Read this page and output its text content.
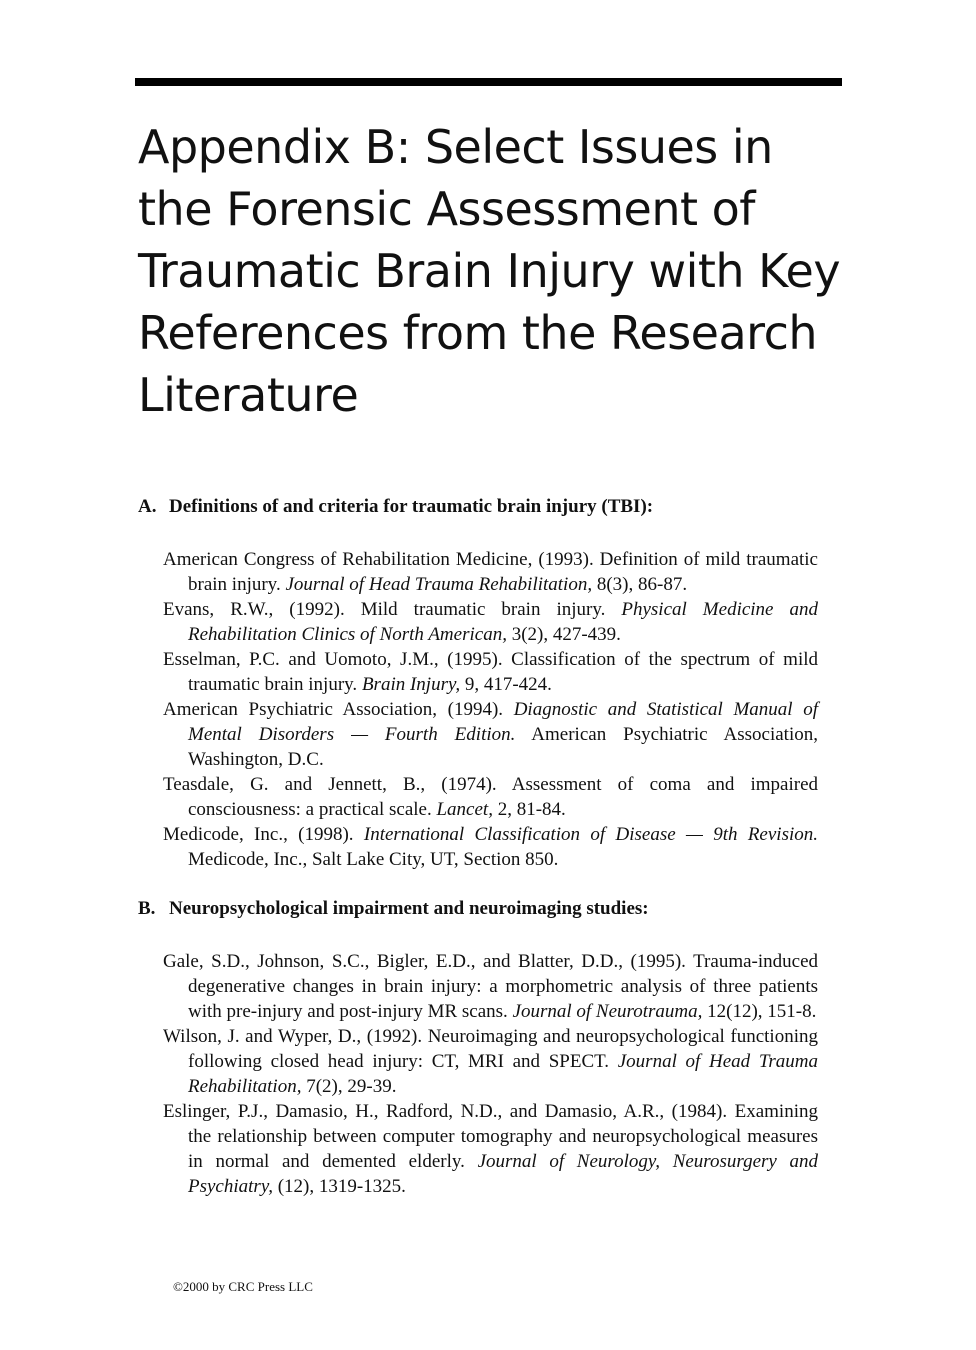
Appendix B: Select Issues in the Forensic Assessment of Traumatic Brain Injury with Key References from the Research Literature
A. Definitions of and criteria for traumatic brain injury (TBI):
American Congress of Rehabilitation Medicine, (1993). Definition of mild traumatic brain injury. Journal of Head Trauma Rehabilitation, 8(3), 86-87.
Evans, R.W., (1992). Mild traumatic brain injury. Physical Medicine and Rehabilitation Clinics of North American, 3(2), 427-439.
Esselman, P.C. and Uomoto, J.M., (1995). Classification of the spectrum of mild traumatic brain injury. Brain Injury, 9, 417-424.
American Psychiatric Association, (1994). Diagnostic and Statistical Manual of Mental Disorders — Fourth Edition. American Psychiatric Association, Washington, D.C.
Teasdale, G. and Jennett, B., (1974). Assessment of coma and impaired consciousness: a practical scale. Lancet, 2, 81-84.
Medicode, Inc., (1998). International Classification of Disease — 9th Revision. Medicode, Inc., Salt Lake City, UT, Section 850.
B. Neuropsychological impairment and neuroimaging studies:
Gale, S.D., Johnson, S.C., Bigler, E.D., and Blatter, D.D., (1995). Trauma-induced degenerative changes in brain injury: a morphometric analysis of three patients with pre-injury and post-injury MR scans. Journal of Neurotrauma, 12(12), 151-8.
Wilson, J. and Wyper, D., (1992). Neuroimaging and neuropsychological functioning following closed head injury: CT, MRI and SPECT. Journal of Head Trauma Rehabilitation, 7(2), 29-39.
Eslinger, P.J., Damasio, H., Radford, N.D., and Damasio, A.R., (1984). Examining the relationship between computer tomography and neuropsychological measures in normal and demented elderly. Journal of Neurology, Neurosurgery and Psychiatry, (12), 1319-1325.
©2000 by CRC Press LLC
